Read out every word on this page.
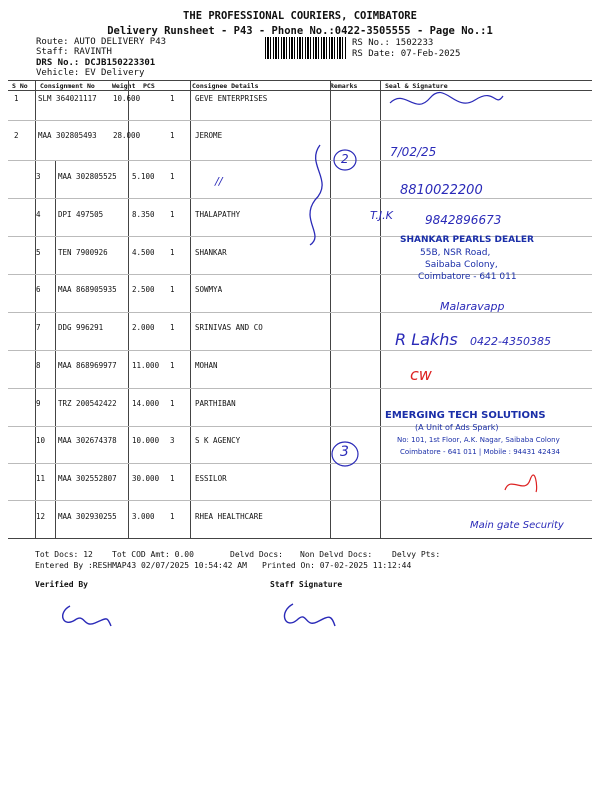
THE PROFESSIONAL COURIERS, COIMBATORE
Delivery Runsheet - P43 - Phone No.:0422-3505555 - Page No.:1
Route: AUTO DELIVERY P43
Staff: RAVINTH
DRS No.: DCJB150223301
Vehicle: EV Delivery
RS No.: 1502233
RS Date: 07-Feb-2025
S No Consignment No	Weight PCS	Consignee Details	Remarks	Seal & Signature
1	SLM 364021117 10.600	1	GEVE ENTERPRISES
2	MAA 302805493 28.000	1	JEROME
3 MAA 302805525 5.100 1
4 DPI 497505	8.350 1	THALAPATHY
5 TEN 7900926	4.500 1	SHANKAR
6 MAA 868905935 2.500 1	SOWMYA
7 DDG 996291	2.000 1	SRINIVAS AND CO
8 MAA 868969977 11.000 1	MOHAN
9 TRZ 200542422 14.000 1	PARTHIBAN
10 MAA 302674378 10.000 3	S K AGENCY
11 MAA 302552807 30.000 1	ESSILOR
12 MAA 302930255 3.000 1	RHEA HEALTHCARE
//
2
3
7/02/25
8810022200
T.J.K	9842896673
SHANKAR PEARLS DEALER
55B, NSR Road,
Saibaba Colony,
Coimbatore - 641 011
Malaravapp
R Lakhs 0422-4350385
cw
EMERGING TECH SOLUTIONS
(A Unit of Ads Spark)
No: 101, 1st Floor, A.K. Nagar, Saibaba Colony
Coimbatore - 641 011 | Mobile : 94431 42434
Main gate Security
Tot Docs: 12 Tot COD Amt: 0.00	Delvd Docs: Non Delvd Docs: Delvy Pts:
Entered By :RESHMAP43 02/07/2025 10:54:42 AM Printed On: 07-02-2025 11:12:44
Verified By	Staff Signature
